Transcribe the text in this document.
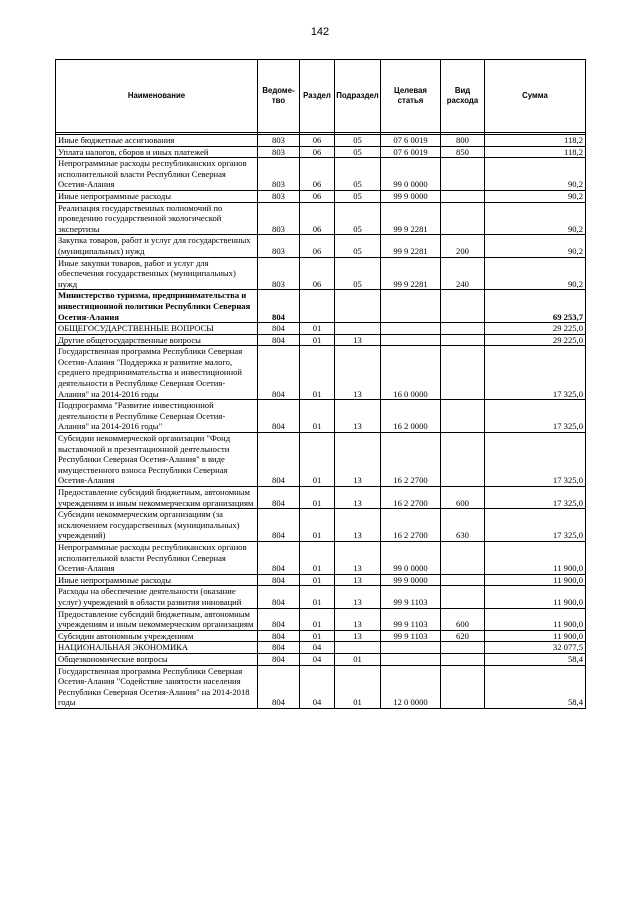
142
Наименование	Ведоме-тво	Раздел	Подраздел	Целевая статья	Вид расхода	Сумма

Иные бюджетные ассигнования	803	06	05	07 6 0019	800	118,2
Уплата налогов, сборов и иных платежей	803	06	05	07 6 0019	850	118,2
Непрограммные расходы республиканских органов исполнительной власти Республики Северная Осетия-Алания	803	06	05	99 0 0000		90,2
Иные непрограммные расходы	803	06	05	99 9 0000		90,2
Реализация государственных полномочий по проведению государственной экологической экспертизы	803	06	05	99 9 2281		90,2
Закупка товаров, работ и услуг для государственных (муниципальных) нужд	803	06	05	99 9 2281	200	90,2
Иные закупки товаров, работ и услуг для обеспечения государственных (муниципальных) нужд	803	06	05	99 9 2281	240	90,2
Министерство туризма, предпринимательства и инвестиционной политики Республики Северная Осетия-Алания	804					69 253,7
ОБЩЕГОСУДАРСТВЕННЫЕ ВОПРОСЫ	804	01				29 225,0
Другие общегосударственные вопросы	804	01	13			29 225,0
Государственная программа Республики Северная Осетия-Алания "Поддержка и развитие малого, среднего предпринимательства и инвестиционной деятельности в Республике Северная Осетия-Алания" на 2014-2016 годы	804	01	13	16 0 0000		17 325,0
Подпрограмма "Развитие инвестиционной деятельности в Республике Северная Осетия-Алания" на 2014-2016 годы"	804	01	13	16 2 0000		17 325,0
Субсидии некоммерческой организации "Фонд выставочной и презентационной деятельности Республики Северная Осетия-Алания" в виде имущественного взноса Республики Северная Осетия-Алания	804	01	13	16 2 2700		17 325,0
Предоставление субсидий бюджетным, автономным учреждениям и иным некоммерческим организациям	804	01	13	16 2 2700	600	17 325,0
Субсидии некоммерческим организациям (за исключением государственных (муниципальных) учреждений)	804	01	13	16 2 2700	630	17 325,0
Непрограммные расходы республиканских органов исполнительной власти Республики Северная Осетия-Алания	804	01	13	99 0 0000		11 900,0
Иные непрограммные расходы	804	01	13	99 9 0000		11 900,0
Расходы на обеспечение деятельности (оказание услуг) учреждений в области развития инноваций	804	01	13	99 9 1103		11 900,0
Предоставление субсидий бюджетным, автономным учреждениям и иным некоммерческим организациям	804	01	13	99 9 1103	600	11 900,0
Субсидии автономным учреждениям	804	01	13	99 9 1103	620	11 900,0
НАЦИОНАЛЬНАЯ ЭКОНОМИКА	804	04				32 077,5
Общеэкономические вопросы	804	04	01			58,4
Государственная программа Республики Северная Осетия-Алания "Содействие занятости населения Республики Северная Осетия-Алания" на 2014-2018 годы	804	04	01	12 0 0000		58,4
